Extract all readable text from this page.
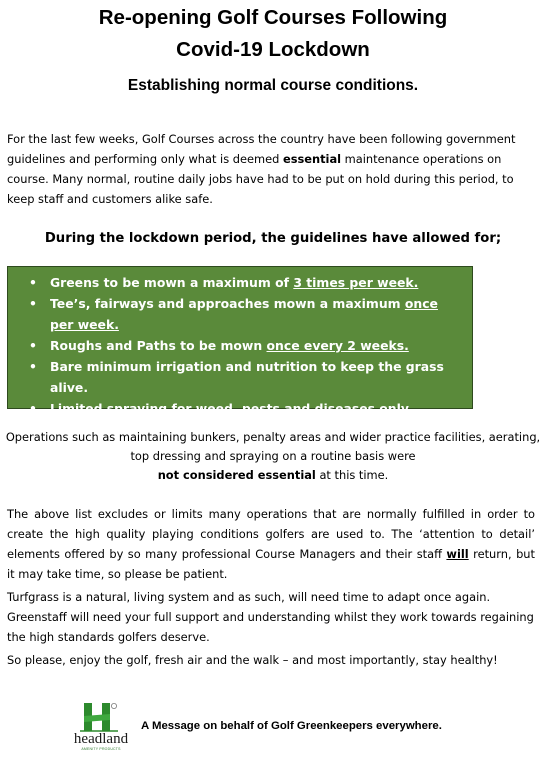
Re-opening Golf Courses Following
Covid-19 Lockdown
Establishing normal course conditions.

For the last few weeks, Golf Courses across the country have been following government guidelines and performing only what is deemed essential maintenance operations on course. Many normal, routine daily jobs have had to be put on hold during this period, to keep staff and customers alike safe.

During the lockdown period, the guidelines have allowed for;
• Greens to be mown a maximum of 3 times per week.
• Tee’s, fairways and approaches mown a maximum once per week.
• Roughs and Paths to be mown once every 2 weeks.
• Bare minimum irrigation and nutrition to keep the grass alive.
• Limited spraying for weed, pests and diseases only.

Operations such as maintaining bunkers, penalty areas and wider practice facilities, aerating, top dressing and spraying on a routine basis were
not considered essential at this time.

The above list excludes or limits many operations that are normally fulfilled in order to create the high quality playing conditions golfers are used to. The ‘attention to detail’ elements offered by so many professional Course Managers and their staff will return, but it may take time, so please be patient.

Turfgrass is a natural, living system and as such, will need time to adapt once again. Greenstaff will need your full support and understanding whilst they work towards regaining the high standards golfers deserve.

So please, enjoy the golf, fresh air and the walk – and most importantly, stay healthy!

headland
AMENITY PRODUCTS

A Message on behalf of Golf Greenkeepers everywhere.
